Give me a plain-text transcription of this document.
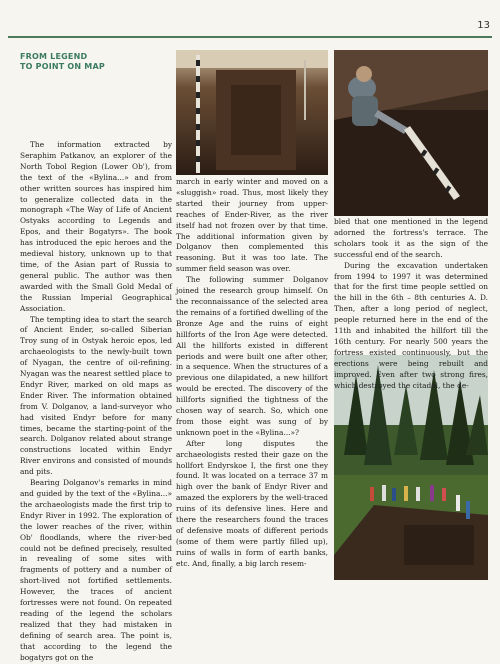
13
FROM LEGEND
TO POINT ON MAP

The information extracted by Seraphim Patkanov, an explorer of the North Tobol Region (Lower Ob'), from the text of the «Bylina...» and from other written sources has inspired him to generalize collected data in the monograph «The Way of Life of Ancient Ostyaks according to Legends and Epos, and their Bogatyrs». The book has introduced the epic heroes and the medieval history, unknown up to that time, of the Asian part of Russia to general public. The author was then awarded with the Small Gold Medal of the Russian Imperial Geographical Association.

The tempting idea to start the search of Ancient Ender, so-called Siberian Troy sung of in Ostyak heroic epos, led archaeologists to the newly-built town of Nyagan, the centre of oil-refining. Nyagan was the nearest settled place to Endyr River, marked on old maps as Ender River. The information obtained from V. Dolganov, a land-surveyor who had visited Endyr before for many times, became the starting-point of the search. Dolganov related about strange constructions located within Endyr River environs and consisted of mounds and pits.

Bearing Dolganov's remarks in mind and guided by the text of the «Bylina...» the archaeologists made the first trip to Endyr River in 1992. The exploration of the lower reaches of the river, within Ob' floodlands, where the river-bed could not be defined precisely, resulted in revealing of some sites with fragments of pottery and a number of short-lived not fortified settlements. However, the traces of ancient fortresses were not found. On repeated reading of the legend the scholars realized that they had mistaken in defining of search area. The point is, that according to the legend the bogatyrs got on the

march in early winter and moved on a «sluggish» road. Thus, most likely they started their journey from upper-reaches of Ender-River, as the river itself had not frozen over by that time. The additional information given by Dolganov then complemented this reasoning. But it was too late. The summer field season was over.

The following summer Dolganov joined the research group himself. On the reconnaissance of the selected area the remains of a fortified dwelling of the Bronze Age and the ruins of eight hillforts of the Iron Age were detected. All the hillforts existed in different periods and were built one after other, in a sequence. When the structures of a previous one dilapidated, a new hillfort would be erected. The discovery of the hillforts signified the tightness of the chosen way of search. So, which one from those eight was sung of by unknown poet in the «Bylina...»?

After long disputes the archaeologists rested their gaze on the hollfort Endyrskoe I, the first one they found. It was located on a terrace 37 m high over the bank of Endyr River and amazed the explorers by the well-traced ruins of its defensive lines. Here and there the researchers found the traces of defensive moats of different periods (some of them were partly filled up), ruins of walls in form of earth banks, etc. And, finally, a big larch resem-

bled that one mentioned in the legend adorned the fortress's terrace. The scholars took it as the sign of the successful end of the search.

During the excavation undertaken from 1994 to 1997 it was determined that for the first time people settled on the hill in the 6th – 8th centuries A. D. Then, after a long period of neglect, people returned here in the end of the 11th and inhabited the hillfort till the 16th century. For nearly 500 years the fortress existed continuously, but the erections were being rebuilt and improved. Even after two strong fires, which destroyed the citadel, the de-
